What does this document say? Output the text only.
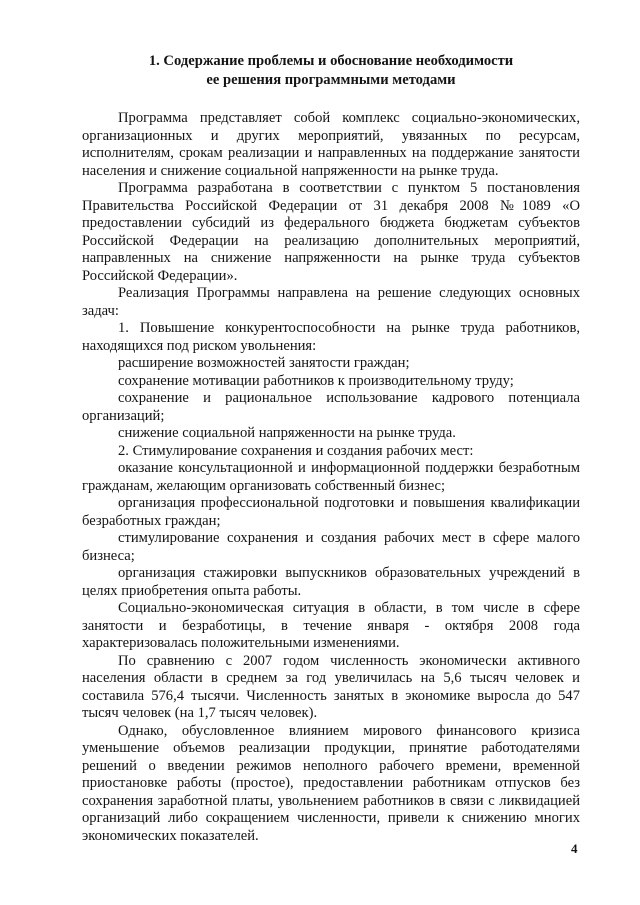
1. Содержание проблемы и обоснование необходимости
ее решения программными методами

Программа представляет собой комплекс социально-экономических, организационных и других мероприятий, увязанных по ресурсам, исполнителям, срокам реализации и направленных на поддержание занятости населения и снижение социальной напряженности на рынке труда.

Программа разработана в соответствии с пунктом 5 постановления Правительства Российской Федерации от 31 декабря 2008 №1089 «О предоставлении субсидий из федерального бюджета бюджетам субъектов Российской Федерации на реализацию дополнительных мероприятий, направленных на снижение напряженности на рынке труда субъектов Российской Федерации».

Реализация Программы направлена на решение следующих основных задач:

1. Повышение конкурентоспособности на рынке труда работников, находящихся под риском увольнения:

расширение возможностей занятости граждан;

сохранение мотивации работников к производительному труду;

сохранение и рациональное использование кадрового потенциала организаций;

снижение социальной напряженности на рынке труда.

2. Стимулирование сохранения и создания рабочих мест:

оказание консультационной и информационной поддержки безработным гражданам, желающим организовать собственный бизнес;

организация профессиональной подготовки и повышения квалификации безработных граждан;

стимулирование сохранения и создания рабочих мест в сфере малого бизнеса;

организация стажировки выпускников образовательных учреждений в целях приобретения опыта работы.

Социально-экономическая ситуация в области, в том числе в сфере занятости и безработицы, в течение января - октября 2008 года характеризовалась положительными изменениями.

По сравнению с 2007 годом численность экономически активного населения области в среднем за год увеличилась на 5,6 тысяч человек и составила 576,4 тысячи. Численность занятых в экономике выросла до 547 тысяч человек (на 1,7 тысяч человек).

Однако, обусловленное влиянием мирового финансового кризиса уменьшение объемов реализации продукции, принятие работодателями решений о введении режимов неполного рабочего времени, временной приостановке работы (простое), предоставлении работникам отпусков без сохранения заработной платы, увольнением работников в связи с ликвидацией организаций либо сокращением численности, привели к снижению многих экономических показателей.

4
